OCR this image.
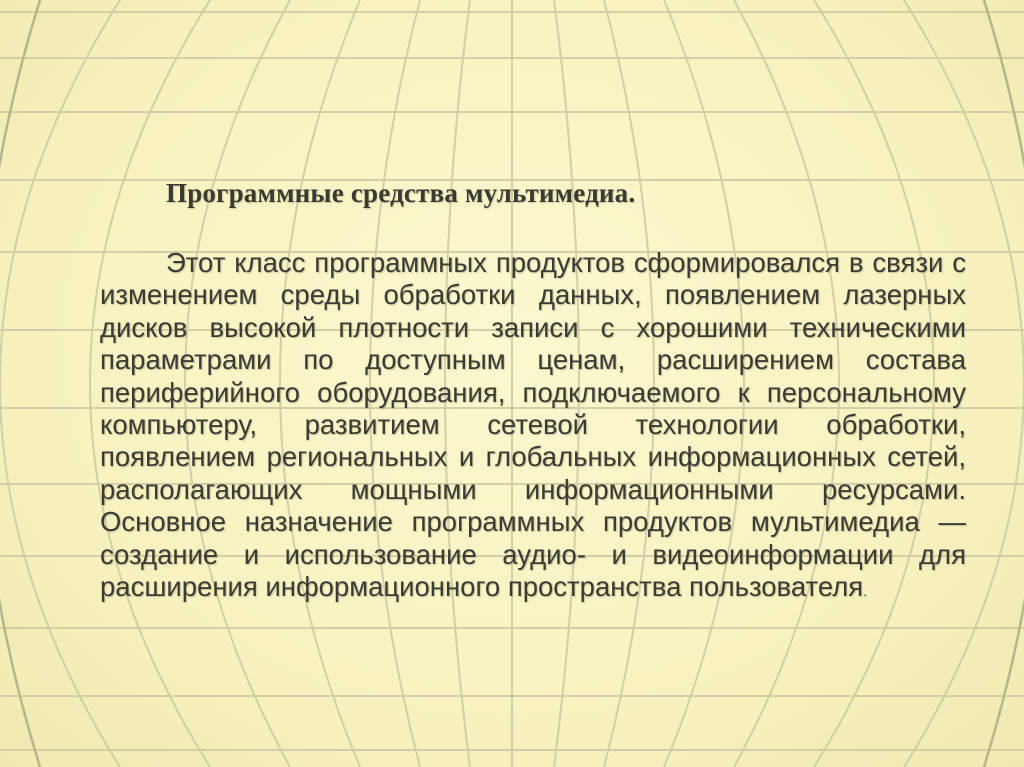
Программные средства мультимедиа.

Этот класс программных продуктов сформировался в связи с изменением среды обработки данных, появлением лазерных дисков высокой плотности записи с хорошими техническими параметрами по доступным ценам, расширением состава периферийного оборудования, подключаемого к персональному компьютеру, развитием сетевой технологии обработки, появлением региональных и глобальных информационных сетей, располагающих мощными информационными ресурсами. Основное назначение программных продуктов мультимедиа — создание и использование аудио- и видеоинформации для расширения информационного пространства пользователя.
